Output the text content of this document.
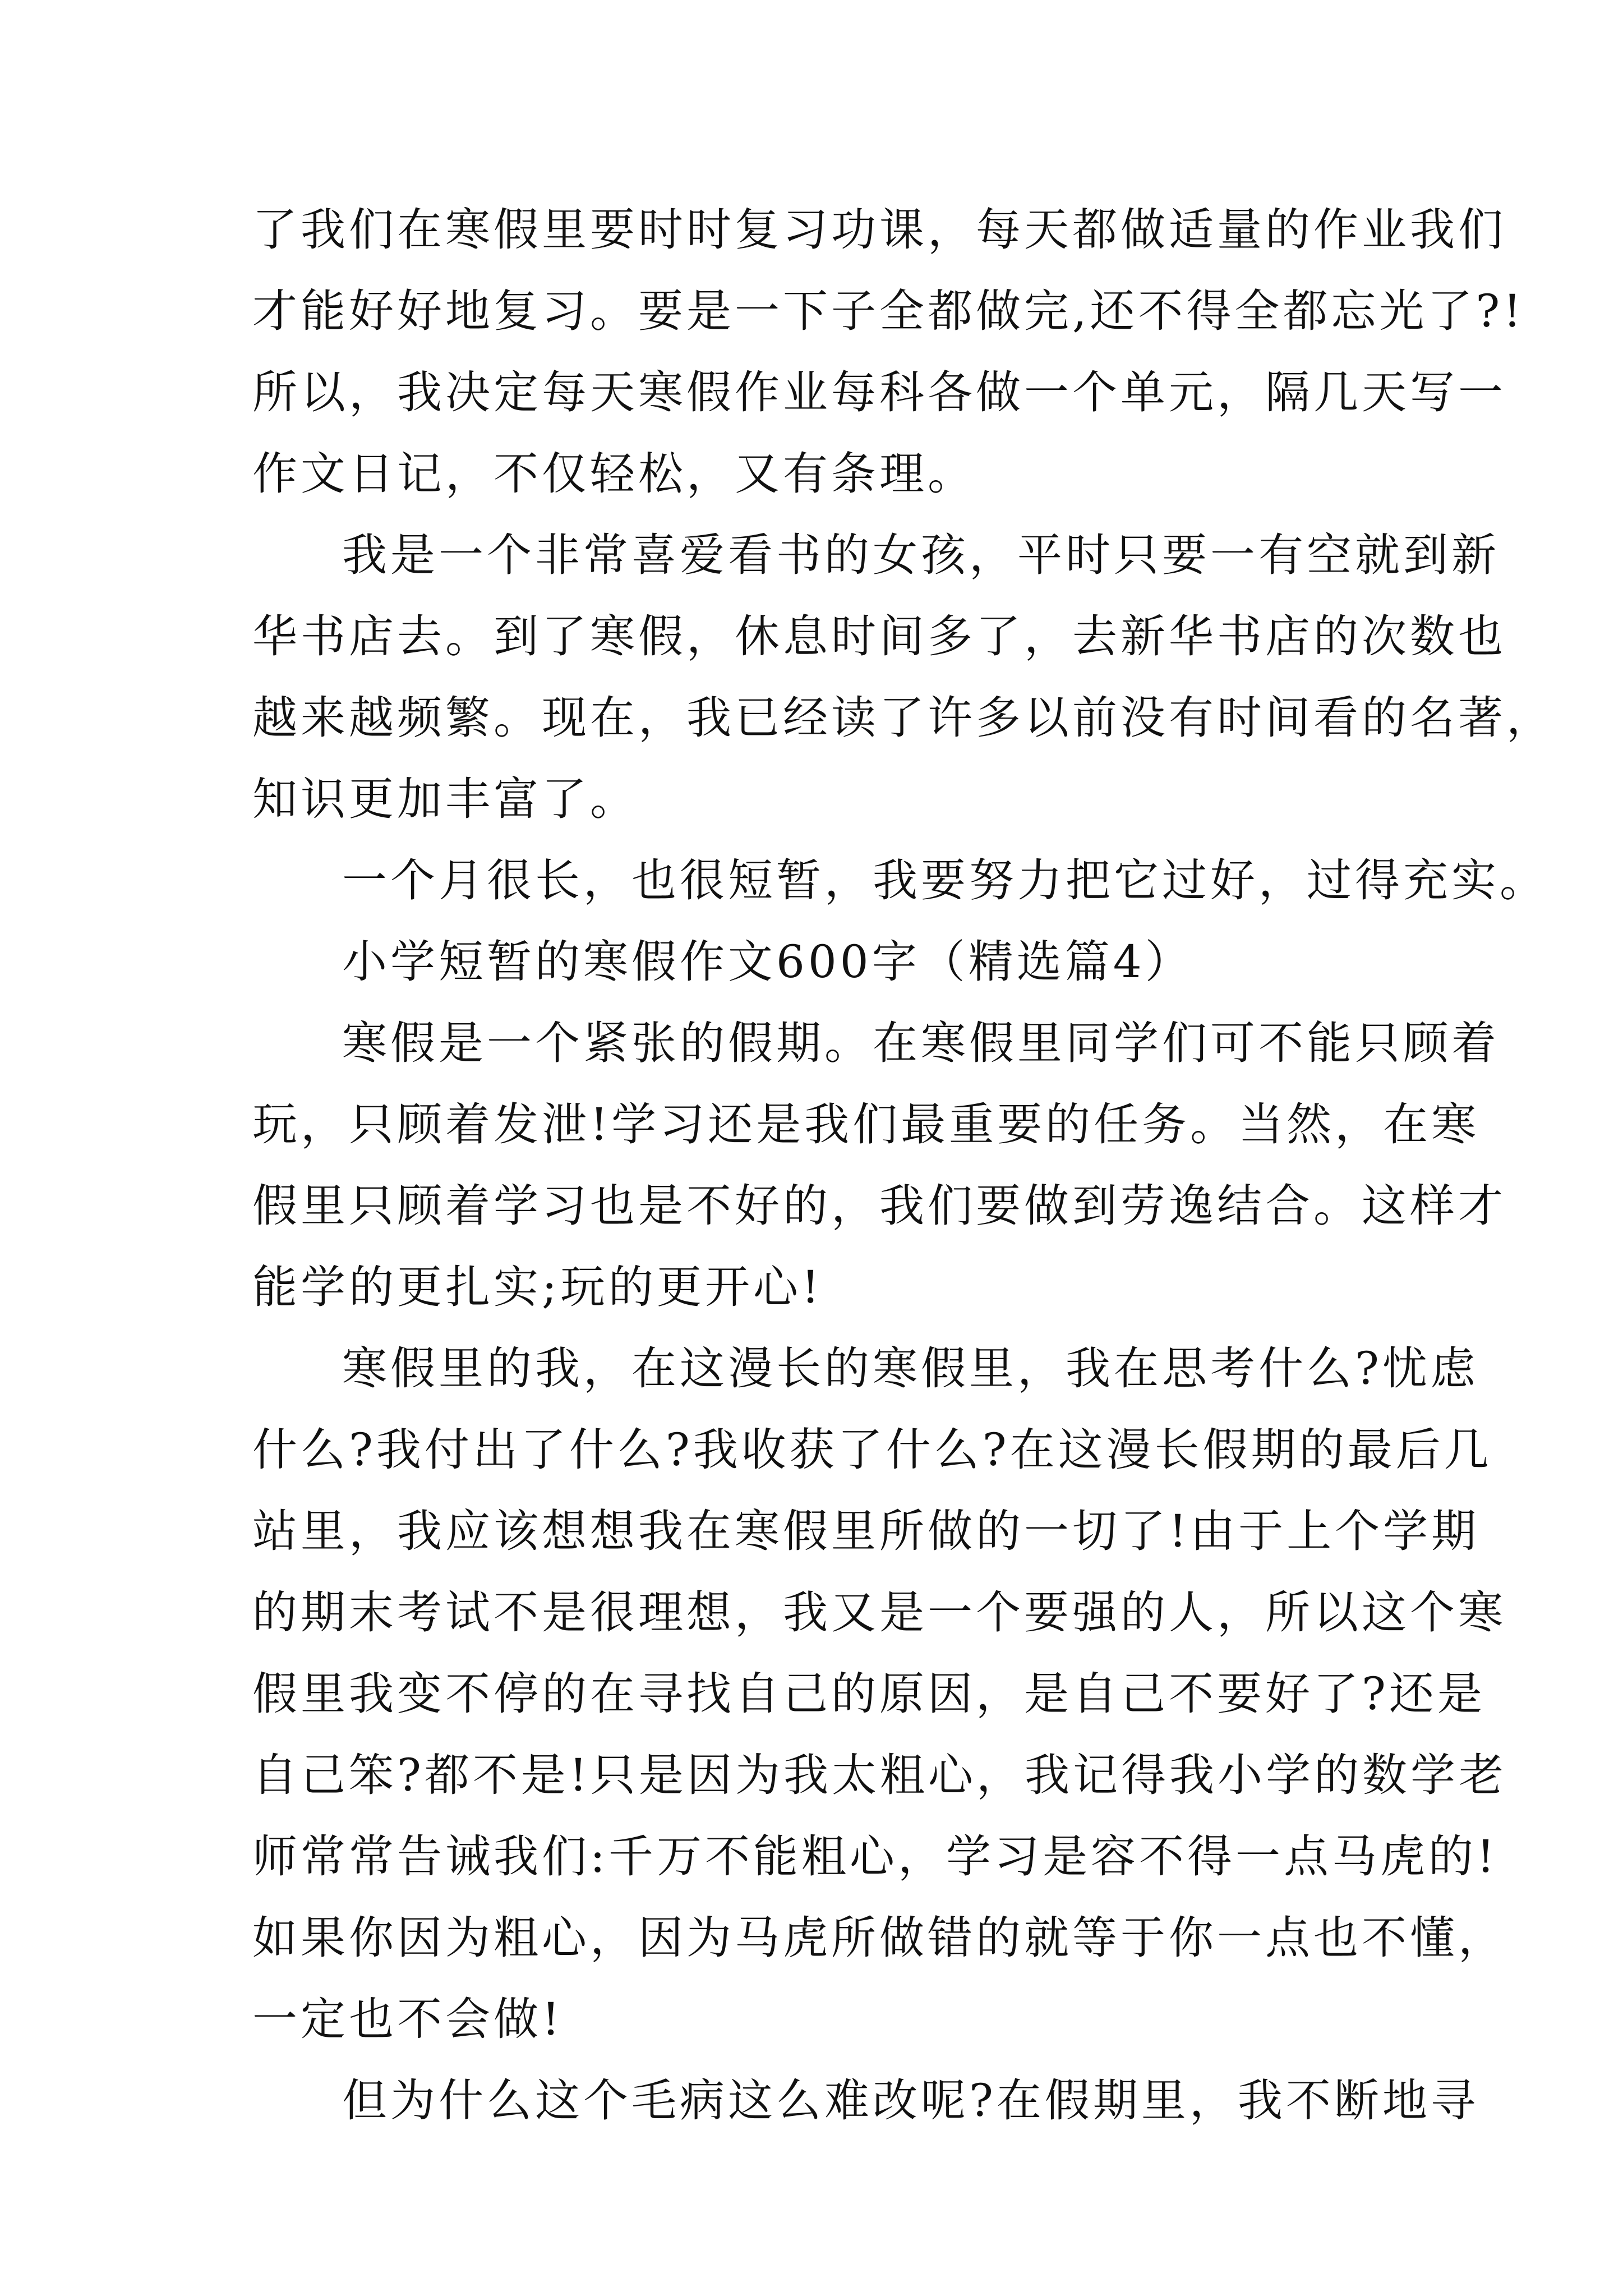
了我们在寒假里要时时复习功课，每天都做适量的作业我们
才能好好地复习。要是一下子全都做完,还不得全都忘光了?!
所以，我决定每天寒假作业每科各做一个单元，隔几天写一
作文日记，不仅轻松，又有条理。
我是一个非常喜爱看书的女孩，平时只要一有空就到新
华书店去。到了寒假，休息时间多了，去新华书店的次数也
越来越频繁。现在，我已经读了许多以前没有时间看的名著，
知识更加丰富了。
一个月很长，也很短暂，我要努力把它过好，过得充实。
小学短暂的寒假作文600字（精选篇4）
寒假是一个紧张的假期。在寒假里同学们可不能只顾着
玩，只顾着发泄!学习还是我们最重要的任务。当然，在寒
假里只顾着学习也是不好的，我们要做到劳逸结合。这样才
能学的更扎实;玩的更开心!
寒假里的我，在这漫长的寒假里，我在思考什么?忧虑
什么?我付出了什么?我收获了什么?在这漫长假期的最后几
站里，我应该想想我在寒假里所做的一切了!由于上个学期
的期末考试不是很理想，我又是一个要强的人，所以这个寒
假里我变不停的在寻找自己的原因，是自己不要好了?还是
自己笨?都不是!只是因为我太粗心，我记得我小学的数学老
师常常告诫我们:千万不能粗心，学习是容不得一点马虎的!
如果你因为粗心，因为马虎所做错的就等于你一点也不懂，
一定也不会做!
但为什么这个毛病这么难改呢?在假期里，我不断地寻
